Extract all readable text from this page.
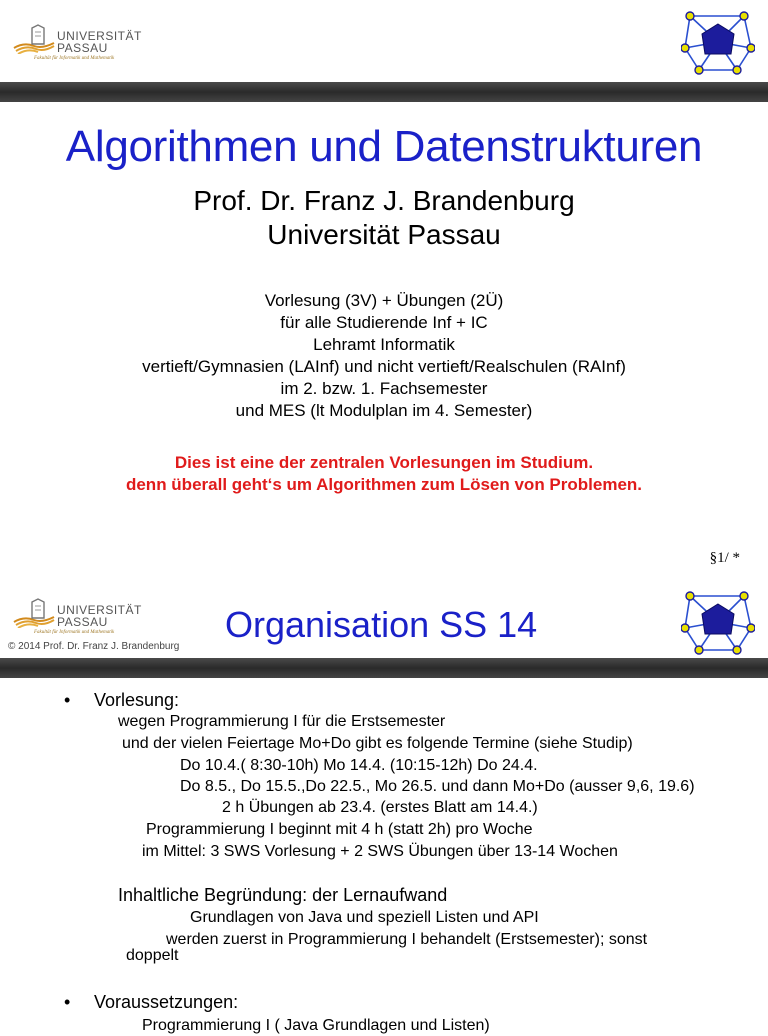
UNIVERSITÄT
PASSAU
Fakultät für Informatik und Mathematik
Algorithmen und Datenstrukturen
Prof. Dr. Franz J. Brandenburg
Universität Passau
Vorlesung (3V) + Übungen (2Ü)
für alle Studierende Inf + IC
Lehramt Informatik
vertieft/Gymnasien (LAInf) und nicht vertieft/Realschulen (RAInf)
im 2. bzw. 1. Fachsemester
und MES (lt Modulplan im 4. Semester)
Dies ist eine der zentralen Vorlesungen im Studium.
denn überall geht‘s um Algorithmen zum Lösen von Problemen.
§1/ *
UNIVERSITÄT
PASSAU
Fakultät für Informatik und Mathematik
© 2014 Prof. Dr. Franz J. Brandenburg
Organisation SS 14
• Vorlesung:
wegen Programmierung I für die Erstsemester
und der vielen Feiertage Mo+Do gibt es folgende Termine (siehe Studip)
Do 10.4.( 8:30-10h) Mo 14.4. (10:15-12h) Do 24.4.
Do 8.5., Do 15.5.,Do 22.5., Mo 26.5. und dann Mo+Do (ausser 9,6, 19.6)
2 h Übungen ab 23.4. (erstes Blatt am 14.4.)
Programmierung I beginnt mit 4 h (statt 2h) pro Woche
im Mittel: 3 SWS Vorlesung + 2 SWS Übungen über 13-14 Wochen
Inhaltliche Begründung: der Lernaufwand
Grundlagen von Java und speziell Listen und API
werden zuerst in Programmierung I behandelt (Erstsemester); sonst
doppelt
• Voraussetzungen:
Programmierung I ( Java Grundlagen und Listen)
